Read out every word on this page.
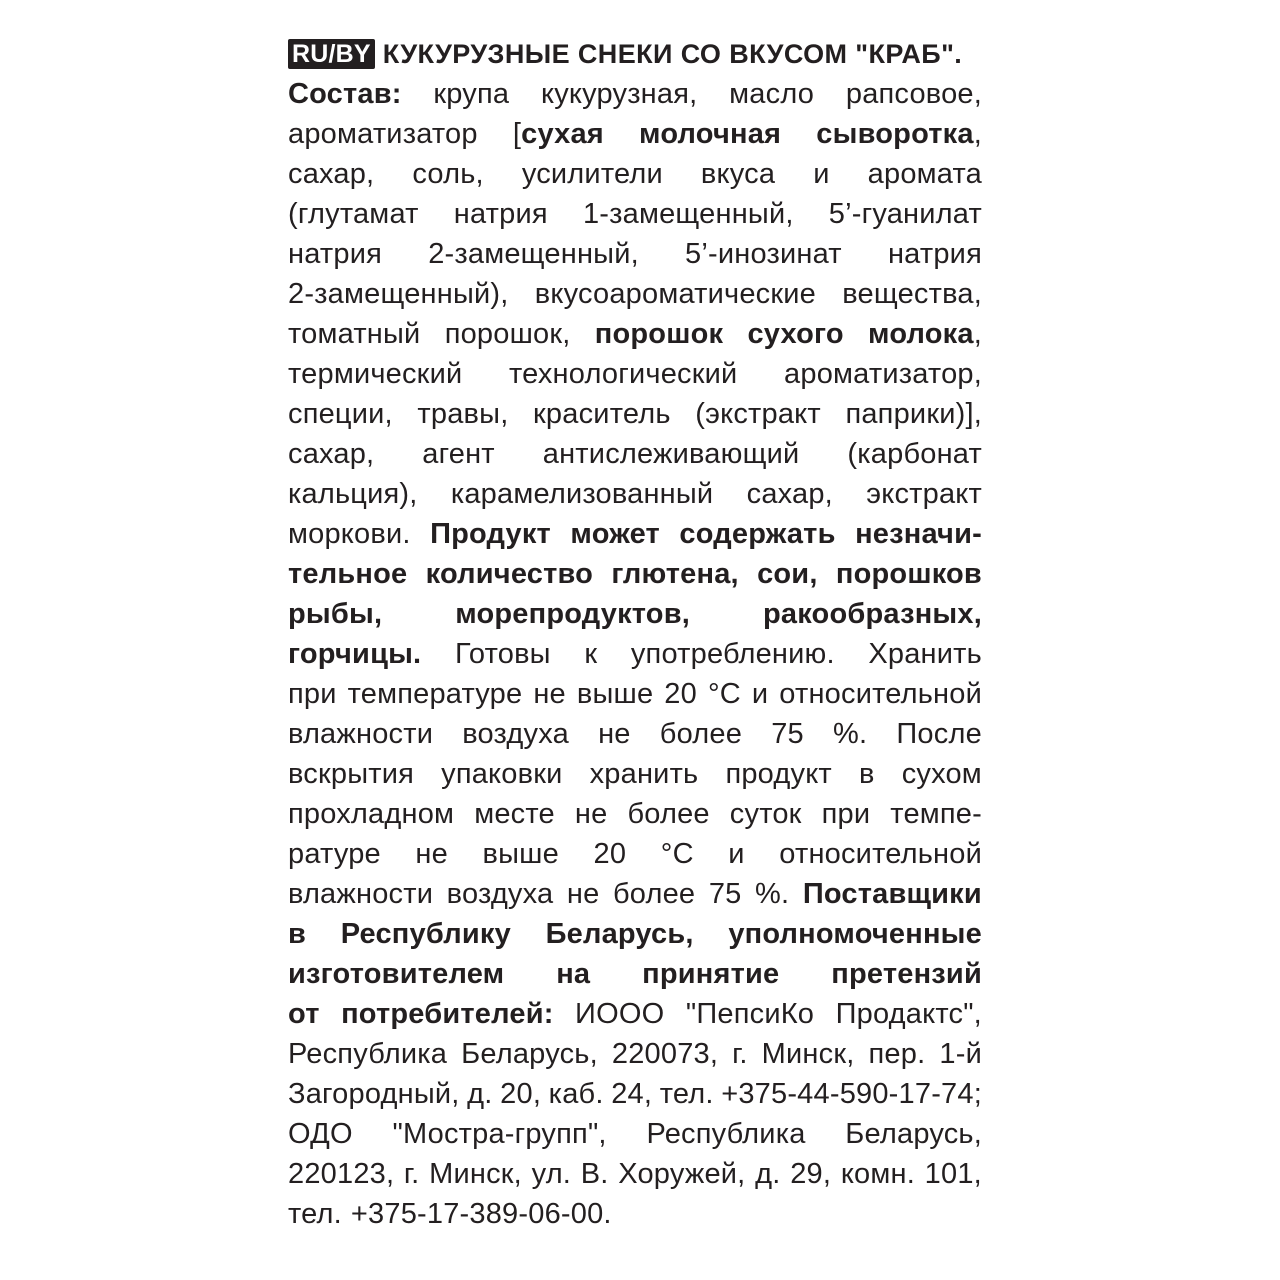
RU/BY КУКУРУЗНЫЕ СНЕКИ СО ВКУСОМ "КРАБ".
Состав: крупа кукурузная, масло рапсовое,
ароматизатор [сухая молочная сыворотка,
сахар, соль, усилители вкуса и аромата
(глутамат натрия 1-замещенный, 5’-гуанилат
натрия 2-замещенный, 5’-инозинат натрия
2-замещенный), вкусоароматические вещества,
томатный порошок, порошок сухого молока,
термический технологический ароматизатор,
специи, травы, краситель (экстракт паприки)],
сахар, агент антислеживающий (карбонат
кальция), карамелизованный сахар, экстракт
моркови. Продукт может содержать незначи-
тельное количество глютена, сои, порошков
рыбы,	морепродуктов,	ракообразных,
горчицы. Готовы к употреблению. Хранить
при температуре не выше 20 °С и относительной
влажности воздуха не более 75 %. После
вскрытия упаковки хранить продукт в сухом
прохладном месте не более суток при темпе-
ратуре не выше 20 °С и относительной
влажности воздуха не более 75 %. Поставщики
в Республику Беларусь, уполномоченные
изготовителем на принятие претензий
от потребителей: ИООО "ПепсиКо Продактс",
Республика Беларусь, 220073, г. Минск, пер. 1-й
Загородный, д. 20, каб. 24, тел. +375-44-590-17-74;
ОДО "Мостра-групп", Республика Беларусь,
220123, г. Минск, ул. В. Хоружей, д. 29, комн. 101,
тел. +375-17-389-06-00.
